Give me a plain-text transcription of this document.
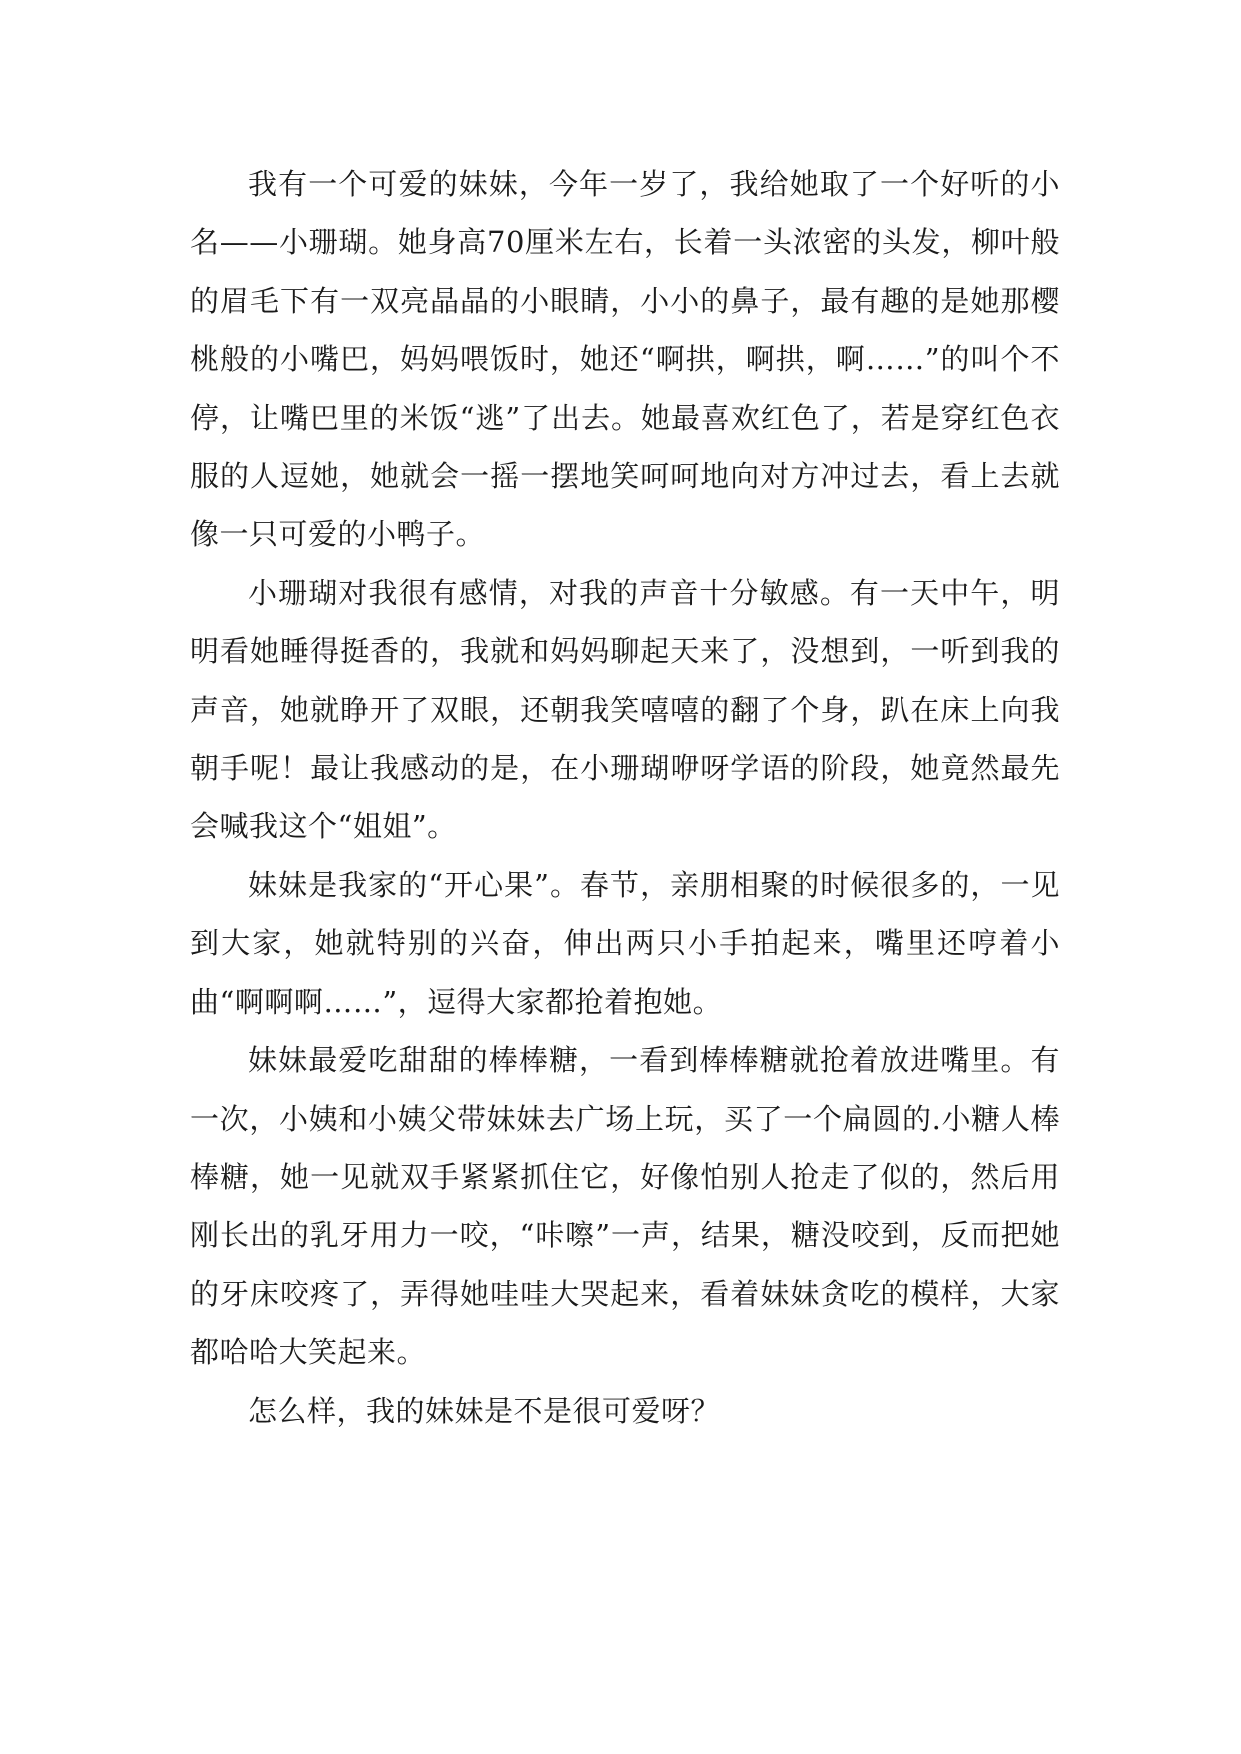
我有一个可爱的妹妹，今年一岁了，我给她取了一个好听的小名——小珊瑚。她身高70厘米左右，长着一头浓密的头发，柳叶般的眉毛下有一双亮晶晶的小眼睛，小小的鼻子，最有趣的是她那樱桃般的小嘴巴，妈妈喂饭时，她还“啊拱，啊拱，啊……”的叫个不停，让嘴巴里的米饭“逃”了出去。她最喜欢红色了，若是穿红色衣服的人逗她，她就会一摇一摆地笑呵呵地向对方冲过去，看上去就像一只可爱的小鸭子。

小珊瑚对我很有感情，对我的声音十分敏感。有一天中午，明明看她睡得挺香的，我就和妈妈聊起天来了，没想到，一听到我的声音，她就睁开了双眼，还朝我笑嘻嘻的翻了个身，趴在床上向我朝手呢！最让我感动的是，在小珊瑚咿呀学语的阶段，她竟然最先会喊我这个“姐姐”。

妹妹是我家的“开心果”。春节，亲朋相聚的时候很多的，一见到大家，她就特别的兴奋，伸出两只小手拍起来，嘴里还哼着小曲“啊啊啊……”，逗得大家都抢着抱她。

妹妹最爱吃甜甜的棒棒糖，一看到棒棒糖就抢着放进嘴里。有一次，小姨和小姨父带妹妹去广场上玩，买了一个扁圆的.小糖人棒棒糖，她一见就双手紧紧抓住它，好像怕别人抢走了似的，然后用刚长出的乳牙用力一咬，“咔嚓”一声，结果，糖没咬到，反而把她的牙床咬疼了，弄得她哇哇大哭起来，看着妹妹贪吃的模样，大家都哈哈大笑起来。

怎么样，我的妹妹是不是很可爱呀？
